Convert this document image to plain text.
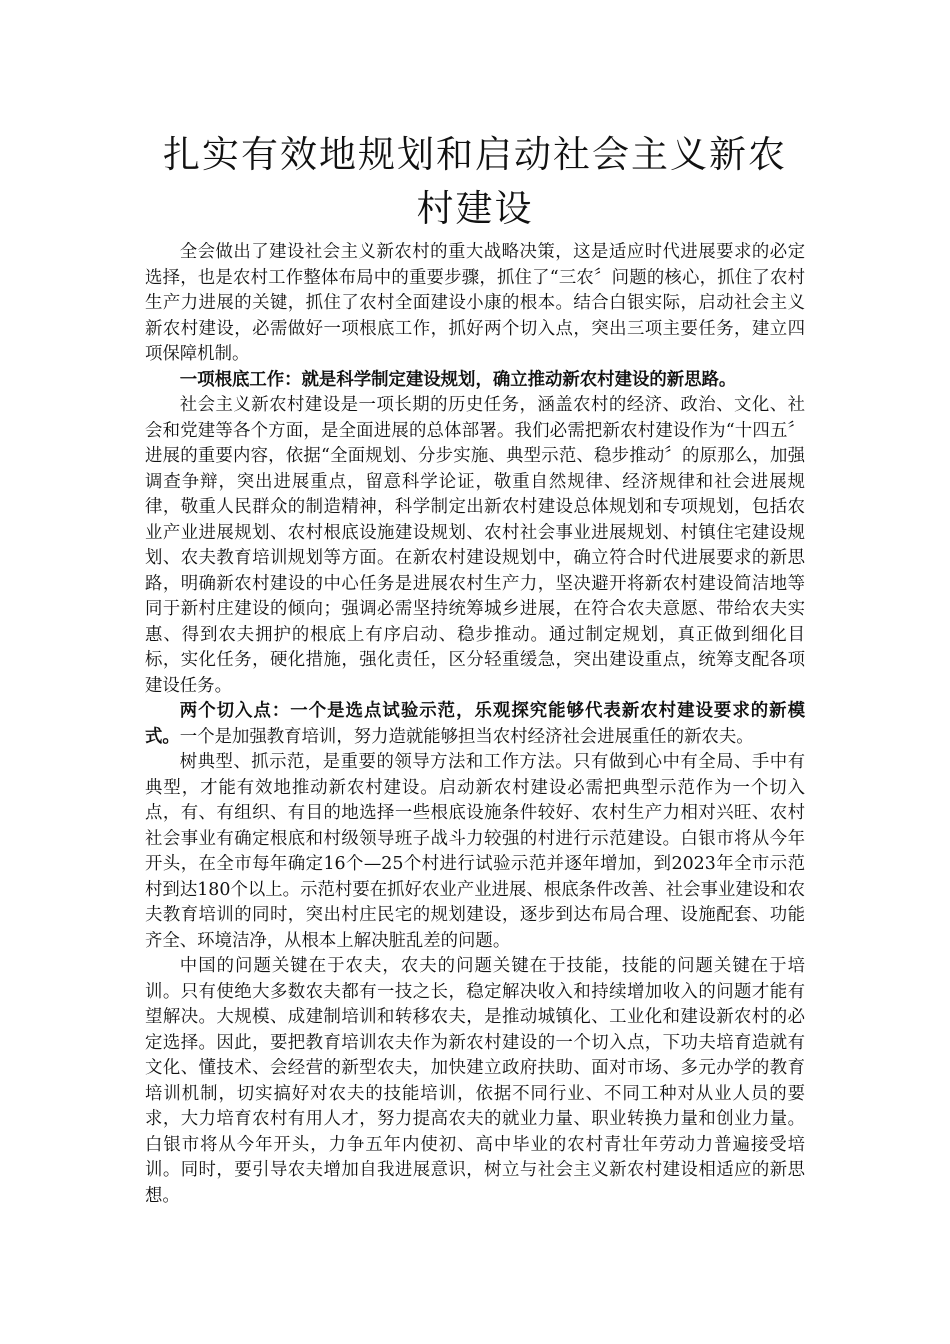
扎实有效地规划和启动社会主义新农村建设

全会做出了建设社会主义新农村的重大战略决策，这是适应时代进展要求的必定选择，也是农村工作整体布局中的重要步骤，抓住了“三农〞问题的核心，抓住了农村生产力进展的关键，抓住了农村全面建设小康的根本。结合白银实际，启动社会主义新农村建设，必需做好一项根底工作，抓好两个切入点，突出三项主要任务，建立四项保障机制。

一项根底工作：就是科学制定建设规划，确立推动新农村建设的新思路。

社会主义新农村建设是一项长期的历史任务，涵盖农村的经济、政治、文化、社会和党建等各个方面，是全面进展的总体部署。我们必需把新农村建设作为“十四五〞进展的重要内容，依据“全面规划、分步实施、典型示范、稳步推动〞的原那么，加强调查争辩，突出进展重点，留意科学论证，敬重自然规律、经济规律和社会进展规律，敬重人民群众的制造精神，科学制定出新农村建设总体规划和专项规划，包括农业产业进展规划、农村根底设施建设规划、农村社会事业进展规划、村镇住宅建设规划、农夫教育培训规划等方面。在新农村建设规划中，确立符合时代进展要求的新思路，明确新农村建设的中心任务是进展农村生产力，坚决避开将新农村建设简洁地等同于新村庄建设的倾向；强调必需坚持统筹城乡进展，在符合农夫意愿、带给农夫实惠、得到农夫拥护的根底上有序启动、稳步推动。通过制定规划，真正做到细化目标，实化任务，硬化措施，强化责任，区分轻重缓急，突出建设重点，统筹支配各项建设任务。

两个切入点：一个是选点试验示范，乐观探究能够代表新农村建设要求的新模式。一个是加强教育培训，努力造就能够担当农村经济社会进展重任的新农夫。

树典型、抓示范，是重要的领导方法和工作方法。只有做到心中有全局、手中有典型，才能有效地推动新农村建设。启动新农村建设必需把典型示范作为一个切入点，有、有组织、有目的地选择一些根底设施条件较好、农村生产力相对兴旺、农村社会事业有确定根底和村级领导班子战斗力较强的村进行示范建设。白银市将从今年开头，在全市每年确定16个—25个村进行试验示范并逐年增加，到2023年全市示范村到达180个以上。示范村要在抓好农业产业进展、根底条件改善、社会事业建设和农夫教育培训的同时，突出村庄民宅的规划建设，逐步到达布局合理、设施配套、功能齐全、环境洁净，从根本上解决脏乱差的问题。

中国的问题关键在于农夫，农夫的问题关键在于技能，技能的问题关键在于培训。只有使绝大多数农夫都有一技之长，稳定解决收入和持续增加收入的问题才能有望解决。大规模、成建制培训和转移农夫，是推动城镇化、工业化和建设新农村的必定选择。因此，要把教育培训农夫作为新农村建设的一个切入点，下功夫培育造就有文化、懂技术、会经营的新型农夫，加快建立政府扶助、面对市场、多元办学的教育培训机制，切实搞好对农夫的技能培训，依据不同行业、不同工种对从业人员的要求，大力培育农村有用人才，努力提高农夫的就业力量、职业转换力量和创业力量。白银市将从今年开头，力争五年内使初、高中毕业的农村青壮年劳动力普遍接受培训。同时，要引导农夫增加自我进展意识，树立与社会主义新农村建设相适应的新思想。
